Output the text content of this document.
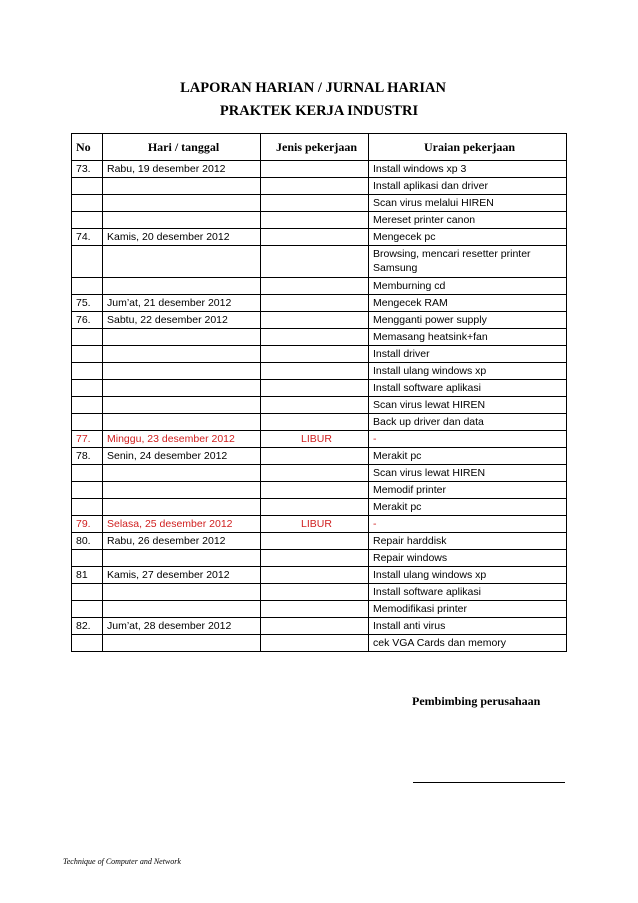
LAPORAN HARIAN / JURNAL HARIAN
PRAKTEK KERJA INDUSTRI
No	Hari / tanggal	Jenis pekerjaan	Uraian pekerjaan
73.	Rabu, 19 desember 2012		Install windows xp 3
			Install aplikasi dan driver
			Scan virus melalui HIREN
			Mereset printer canon
74.	Kamis, 20 desember 2012		Mengecek pc
			Browsing, mencari resetter printer Samsung
			Memburning cd
75.	Jum’at, 21 desember 2012		Mengecek RAM
76.	Sabtu, 22 desember 2012		Mengganti power supply
			Memasang heatsink+fan
			Install driver
			Install ulang windows xp
			Install software aplikasi
			Scan virus lewat HIREN
			Back up driver dan data
77.	Minggu, 23 desember 2012	LIBUR	-
78.	Senin, 24 desember 2012		Merakit pc
			Scan virus lewat HIREN
			Memodif printer
			Merakit pc
79.	Selasa, 25 desember 2012	LIBUR	-
80.	Rabu, 26 desember 2012		Repair harddisk
			Repair windows
81	Kamis, 27 desember 2012		Install ulang windows xp
			Install software aplikasi
			Memodifikasi printer
82.	Jum’at, 28 desember 2012		Install anti virus
			cek VGA Cards dan memory
Pembimbing perusahaan
Technique of Computer and Network
